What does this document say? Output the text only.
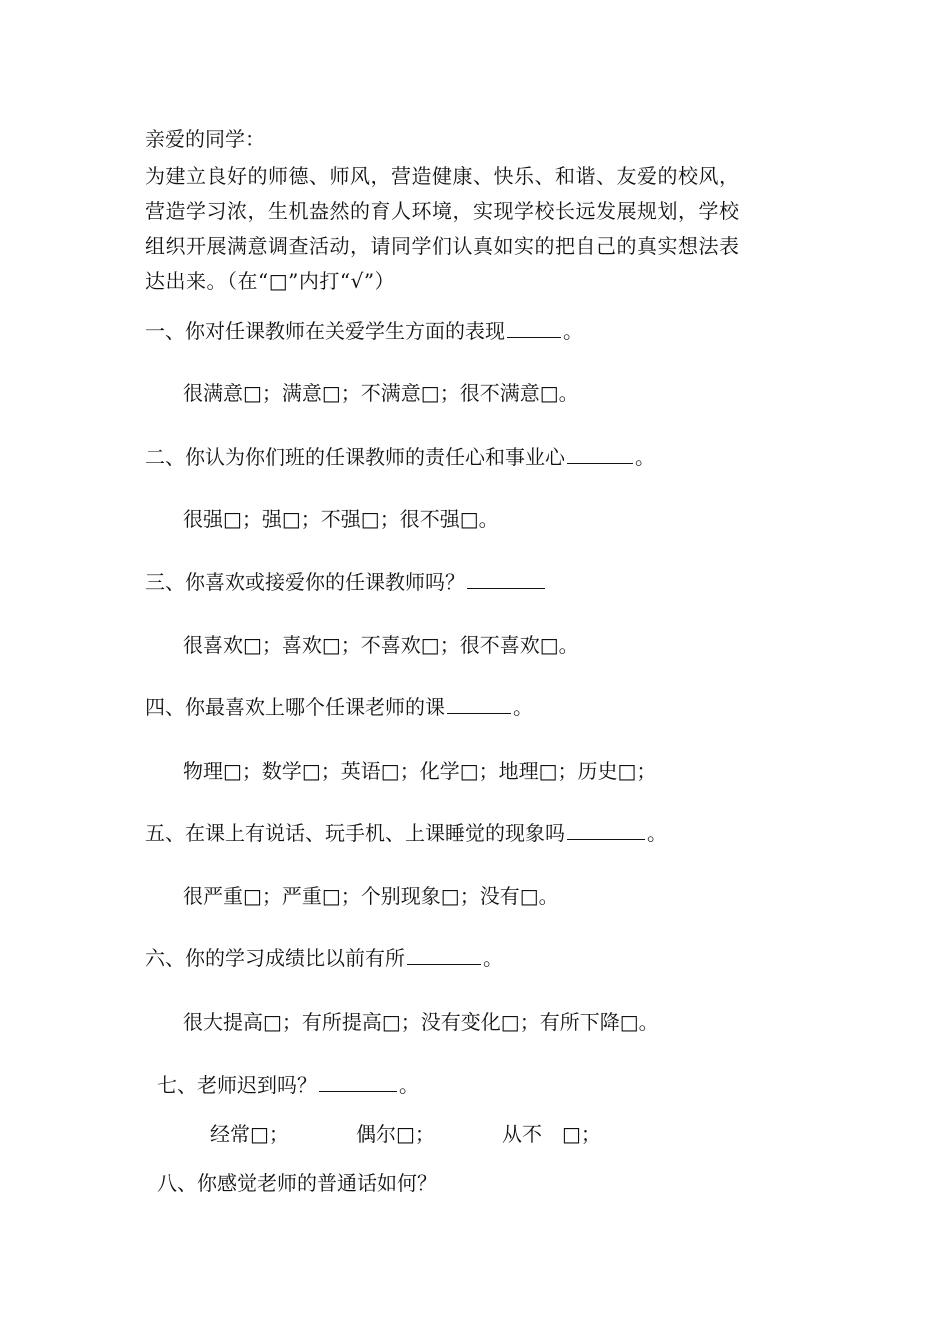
亲爱的同学：
为建立良好的师德、师风，营造健康、快乐、和谐、友爱的校风，
营造学习浓，生机盎然的育人环境，实现学校长远发展规划，学校
组织开展满意调查活动，请同学们认真如实的把自己的真实想法表
达出来。（在“□”内打“√”）
一、你对任课教师在关爱学生方面的表现	。
很满意□；满意□；不满意□；很不满意□。
二、你认为你们班的任课教师的责任心和事业心	。
很强□；强□；不强□；很不强□。
三、你喜欢或接爱你的任课教师吗？
很喜欢□；喜欢□；不喜欢□；很不喜欢□。
四、你最喜欢上哪个任课老师的课	。
物理□；数学□；英语□；化学□；地理□；历史□；
五、在课上有说话、玩手机、上课睡觉的现象吗	。
很严重□；严重□；个别现象□；没有□。
六、你的学习成绩比以前有所	。
很大提高□；有所提高□；没有变化□；有所下降□。
七、老师迟到吗？	。
经常□；	偶尔□；	从不　□；
八、你感觉老师的普通话如何？
